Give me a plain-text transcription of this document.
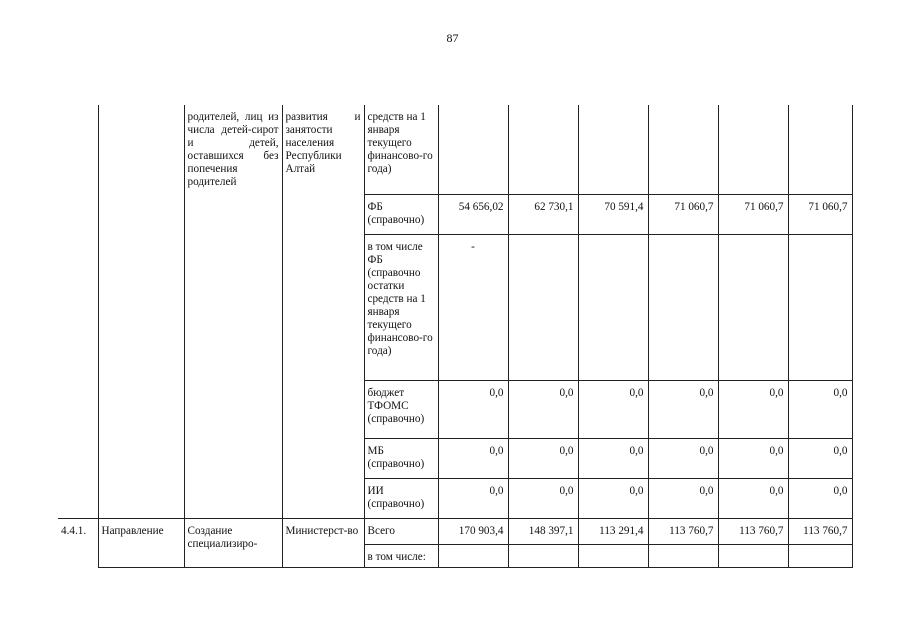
87
		родителей, лиц из числа детей-сирот и детей, оставшихся без попечения родителей	развития и занятости населения Республики Алтай	средств на 1 января текущего финансово-го года)						
				ФБ (справочно)	54 656,02	62 730,1	70 591,4	71 060,7	71 060,7	71 060,7
				в том числе ФБ (справочно остатки средств на 1 января текущего финансово-го года)	-					
				бюджет ТФОМС (справочно)	0,0	0,0	0,0	0,0	0,0	0,0
				МБ (справочно)	0,0	0,0	0,0	0,0	0,0	0,0
				ИИ (справочно)	0,0	0,0	0,0	0,0	0,0	0,0
4.4.1.	Направление	Создание специализиро-	Министерст-во	Всего	170 903,4	148 397,1	113 291,4	113 760,7	113 760,7	113 760,7
				в том числе:						
